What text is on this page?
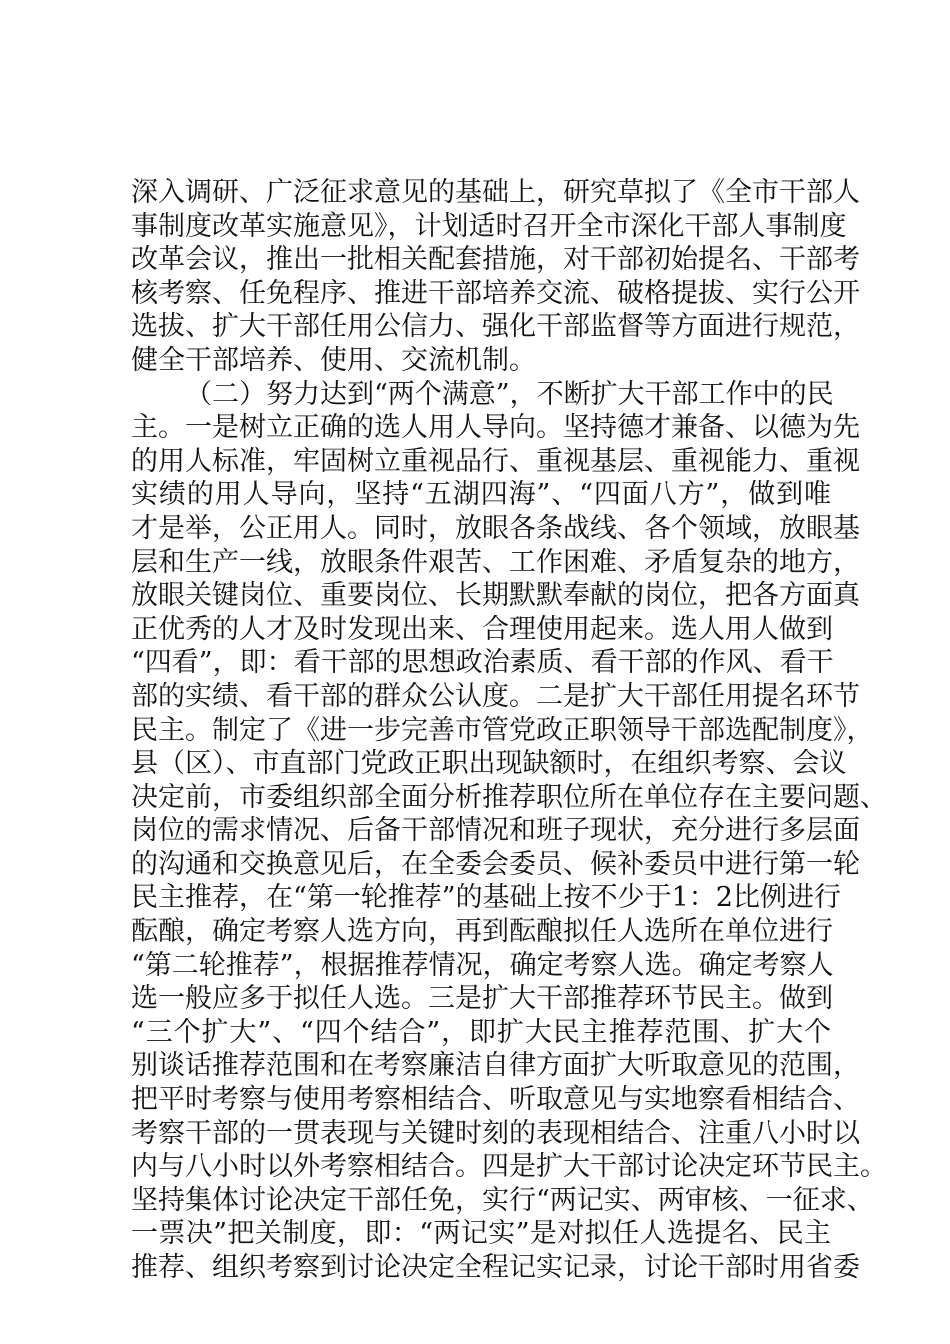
深入调研、广泛征求意见的基础上，研究草拟了《全市干部人
事制度改革实施意见》，计划适时召开全市深化干部人事制度
改革会议，推出一批相关配套措施，对干部初始提名、干部考
核考察、任免程序、推进干部培养交流、破格提拔、实行公开
选拔、扩大干部任用公信力、强化干部监督等方面进行规范，
健全干部培养、使用、交流机制。
（二）努力达到“两个满意”，不断扩大干部工作中的民
主。一是树立正确的选人用人导向。坚持德才兼备、以德为先
的用人标准，牢固树立重视品行、重视基层、重视能力、重视
实绩的用人导向，坚持“五湖四海”、“四面八方”，做到唯
才是举，公正用人。同时，放眼各条战线、各个领域，放眼基
层和生产一线，放眼条件艰苦、工作困难、矛盾复杂的地方，
放眼关键岗位、重要岗位、长期默默奉献的岗位，把各方面真
正优秀的人才及时发现出来、合理使用起来。选人用人做到
“四看”，即：看干部的思想政治素质、看干部的作风、看干
部的实绩、看干部的群众公认度。二是扩大干部任用提名环节
民主。制定了《进一步完善市管党政正职领导干部选配制度》，
县（区）、市直部门党政正职出现缺额时，在组织考察、会议
决定前，市委组织部全面分析推荐职位所在单位存在主要问题、
岗位的需求情况、后备干部情况和班子现状，充分进行多层面
的沟通和交换意见后，在全委会委员、候补委员中进行第一轮
民主推荐，在“第一轮推荐”的基础上按不少于1：2比例进行
酝酿，确定考察人选方向，再到酝酿拟任人选所在单位进行
“第二轮推荐”，根据推荐情况，确定考察人选。确定考察人
选一般应多于拟任人选。三是扩大干部推荐环节民主。做到
“三个扩大”、“四个结合”，即扩大民主推荐范围、扩大个
别谈话推荐范围和在考察廉洁自律方面扩大听取意见的范围，
把平时考察与使用考察相结合、听取意见与实地察看相结合、
考察干部的一贯表现与关键时刻的表现相结合、注重八小时以
内与八小时以外考察相结合。四是扩大干部讨论决定环节民主。
坚持集体讨论决定干部任免，实行“两记实、两审核、一征求、
一票决”把关制度，即：“两记实”是对拟任人选提名、民主
推荐、组织考察到讨论决定全程记实记录，讨论干部时用省委
